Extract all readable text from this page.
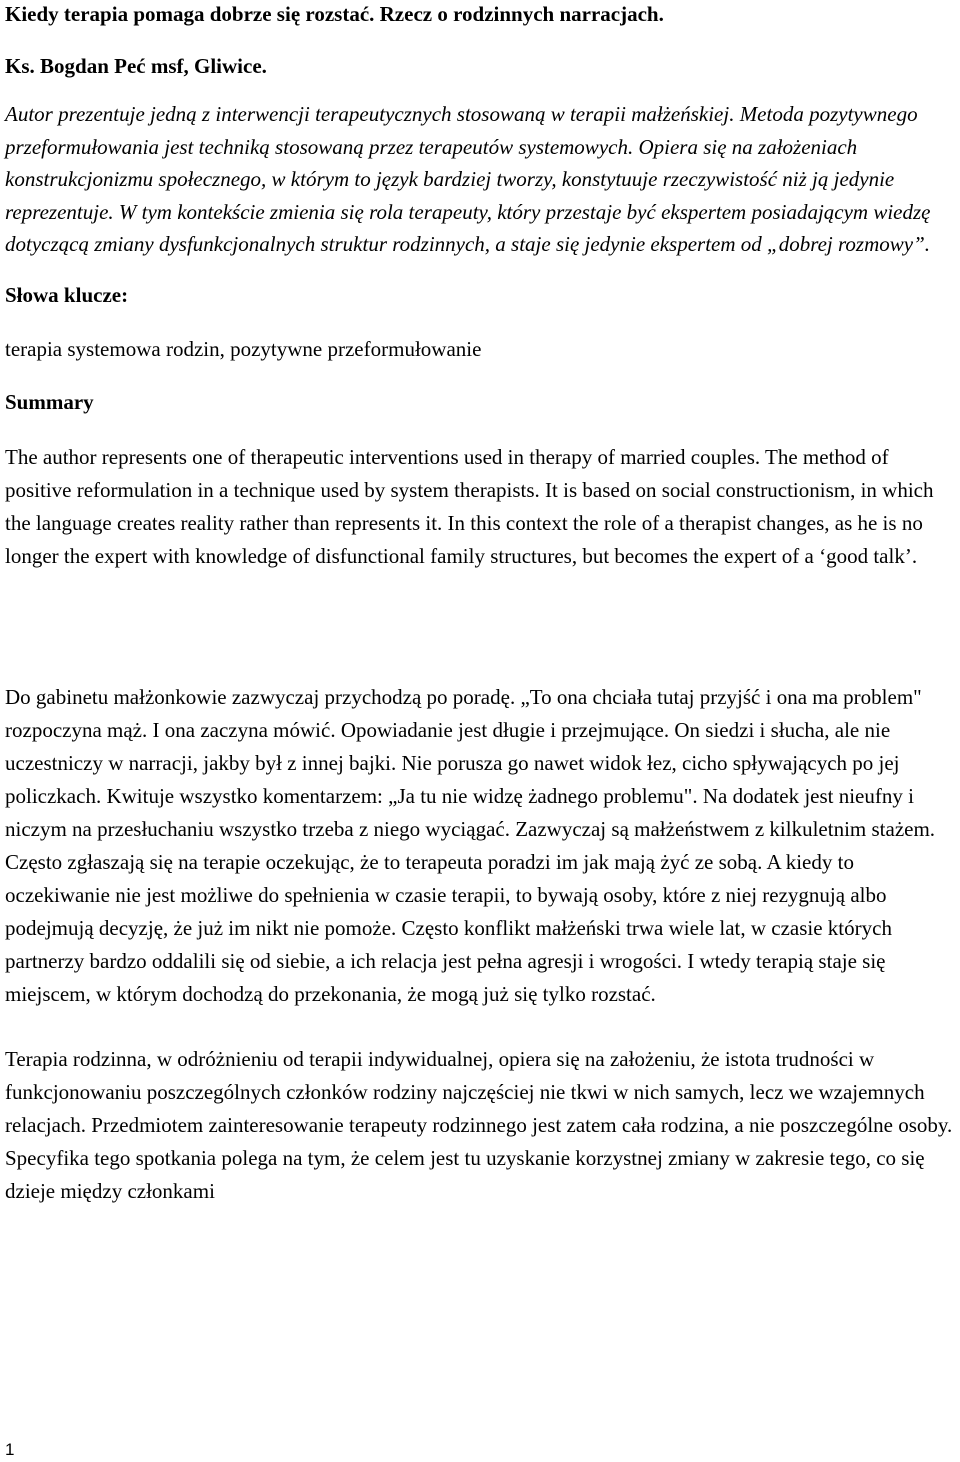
Kiedy terapia pomaga dobrze się rozstać. Rzecz o rodzinnych narracjach.

Ks. Bogdan Peć msf, Gliwice.

Autor prezentuje jedną z interwencji terapeutycznych stosowaną w terapii małżeńskiej. Metoda pozytywnego przeformułowania jest techniką stosowaną przez terapeutów systemowych. Opiera się na założeniach konstrukcjonizmu społecznego, w którym to język bardziej tworzy, konstytuuje rzeczywistość niż ją jedynie reprezentuje. W tym kontekście zmienia się rola terapeuty, który przestaje być ekspertem posiadającym wiedzę dotyczącą zmiany dysfunkcjonalnych struktur rodzinnych, a staje się jedynie ekspertem od „dobrej rozmowy”.

Słowa klucze:

terapia systemowa rodzin, pozytywne przeformułowanie

Summary

The author represents one of therapeutic interventions used in therapy of married couples. The method of positive reformulation in a technique used by system therapists. It is based on social constructionism, in which the language creates reality rather than represents it. In this context the role of a therapist changes, as he is no longer the expert with knowledge of disfunctional family structures, but becomes the expert of a ‘good talk’.

Do gabinetu małżonkowie zazwyczaj przychodzą po poradę. „To ona chciała tutaj przyjść i ona ma problem" rozpoczyna mąż. I ona zaczyna mówić. Opowiadanie jest długie i przejmujące. On siedzi i słucha, ale nie uczestniczy w narracji, jakby był z innej bajki. Nie porusza go nawet widok łez, cicho spływających po jej policzkach. Kwituje wszystko komentarzem: „Ja tu nie widzę żadnego problemu". Na dodatek jest nieufny i niczym na przesłuchaniu wszystko trzeba z niego wyciągać. Zazwyczaj są małżeństwem z kilkuletnim stażem. Często zgłaszają się na terapie oczekując, że to terapeuta poradzi im jak mają żyć ze sobą. A kiedy to oczekiwanie nie jest możliwe do spełnienia w czasie terapii, to bywają osoby, które z niej rezygnują albo podejmują decyzję, że już im nikt nie pomoże. Często konflikt małżeński trwa wiele lat, w czasie których partnerzy bardzo oddalili się od siebie, a ich relacja jest pełna agresji i wrogości. I wtedy terapią staje się miejscem, w którym dochodzą do przekonania, że mogą już się tylko rozstać.

Terapia rodzinna, w odróżnieniu od terapii indywidualnej, opiera się na założeniu, że istota trudności w funkcjonowaniu poszczególnych członków rodziny najczęściej nie tkwi w nich samych, lecz we wzajemnych relacjach. Przedmiotem zainteresowanie terapeuty rodzinnego jest zatem cała rodzina, a nie poszczególne osoby. Specyfika tego spotkania polega na tym, że celem jest tu uzyskanie korzystnej zmiany w zakresie tego, co się dzieje między członkami

1
